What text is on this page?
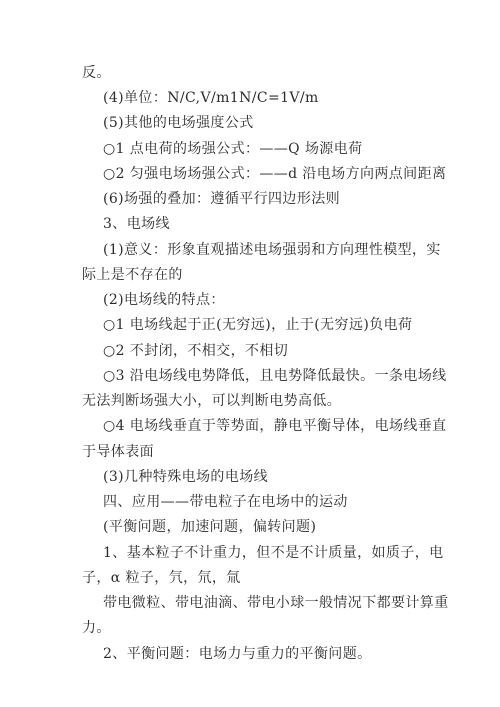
反。
(4)单位：N/C,V/m1N/C=1V/m
(5)其他的电场强度公式
○1 点电荷的场强公式：——Q 场源电荷
○2 匀强电场场强公式：——d 沿电场方向两点间距离
(6)场强的叠加：遵循平行四边形法则
3、电场线
(1)意义：形象直观描述电场强弱和方向理性模型，实
际上是不存在的
(2)电场线的特点：
○1 电场线起于正(无穷远)，止于(无穷远)负电荷
○2 不封闭，不相交，不相切
○3 沿电场线电势降低，且电势降低最快。一条电场线
无法判断场强大小，可以判断电势高低。
○4 电场线垂直于等势面，静电平衡导体，电场线垂直
于导体表面
(3)几种特殊电场的电场线
四、应用——带电粒子在电场中的运动
(平衡问题，加速问题，偏转问题)
1、基本粒子不计重力，但不是不计质量，如质子，电
子，α 粒子，氕，氘，氚
带电微粒、带电油滴、带电小球一般情况下都要计算重
力。
2、平衡问题：电场力与重力的平衡问题。
